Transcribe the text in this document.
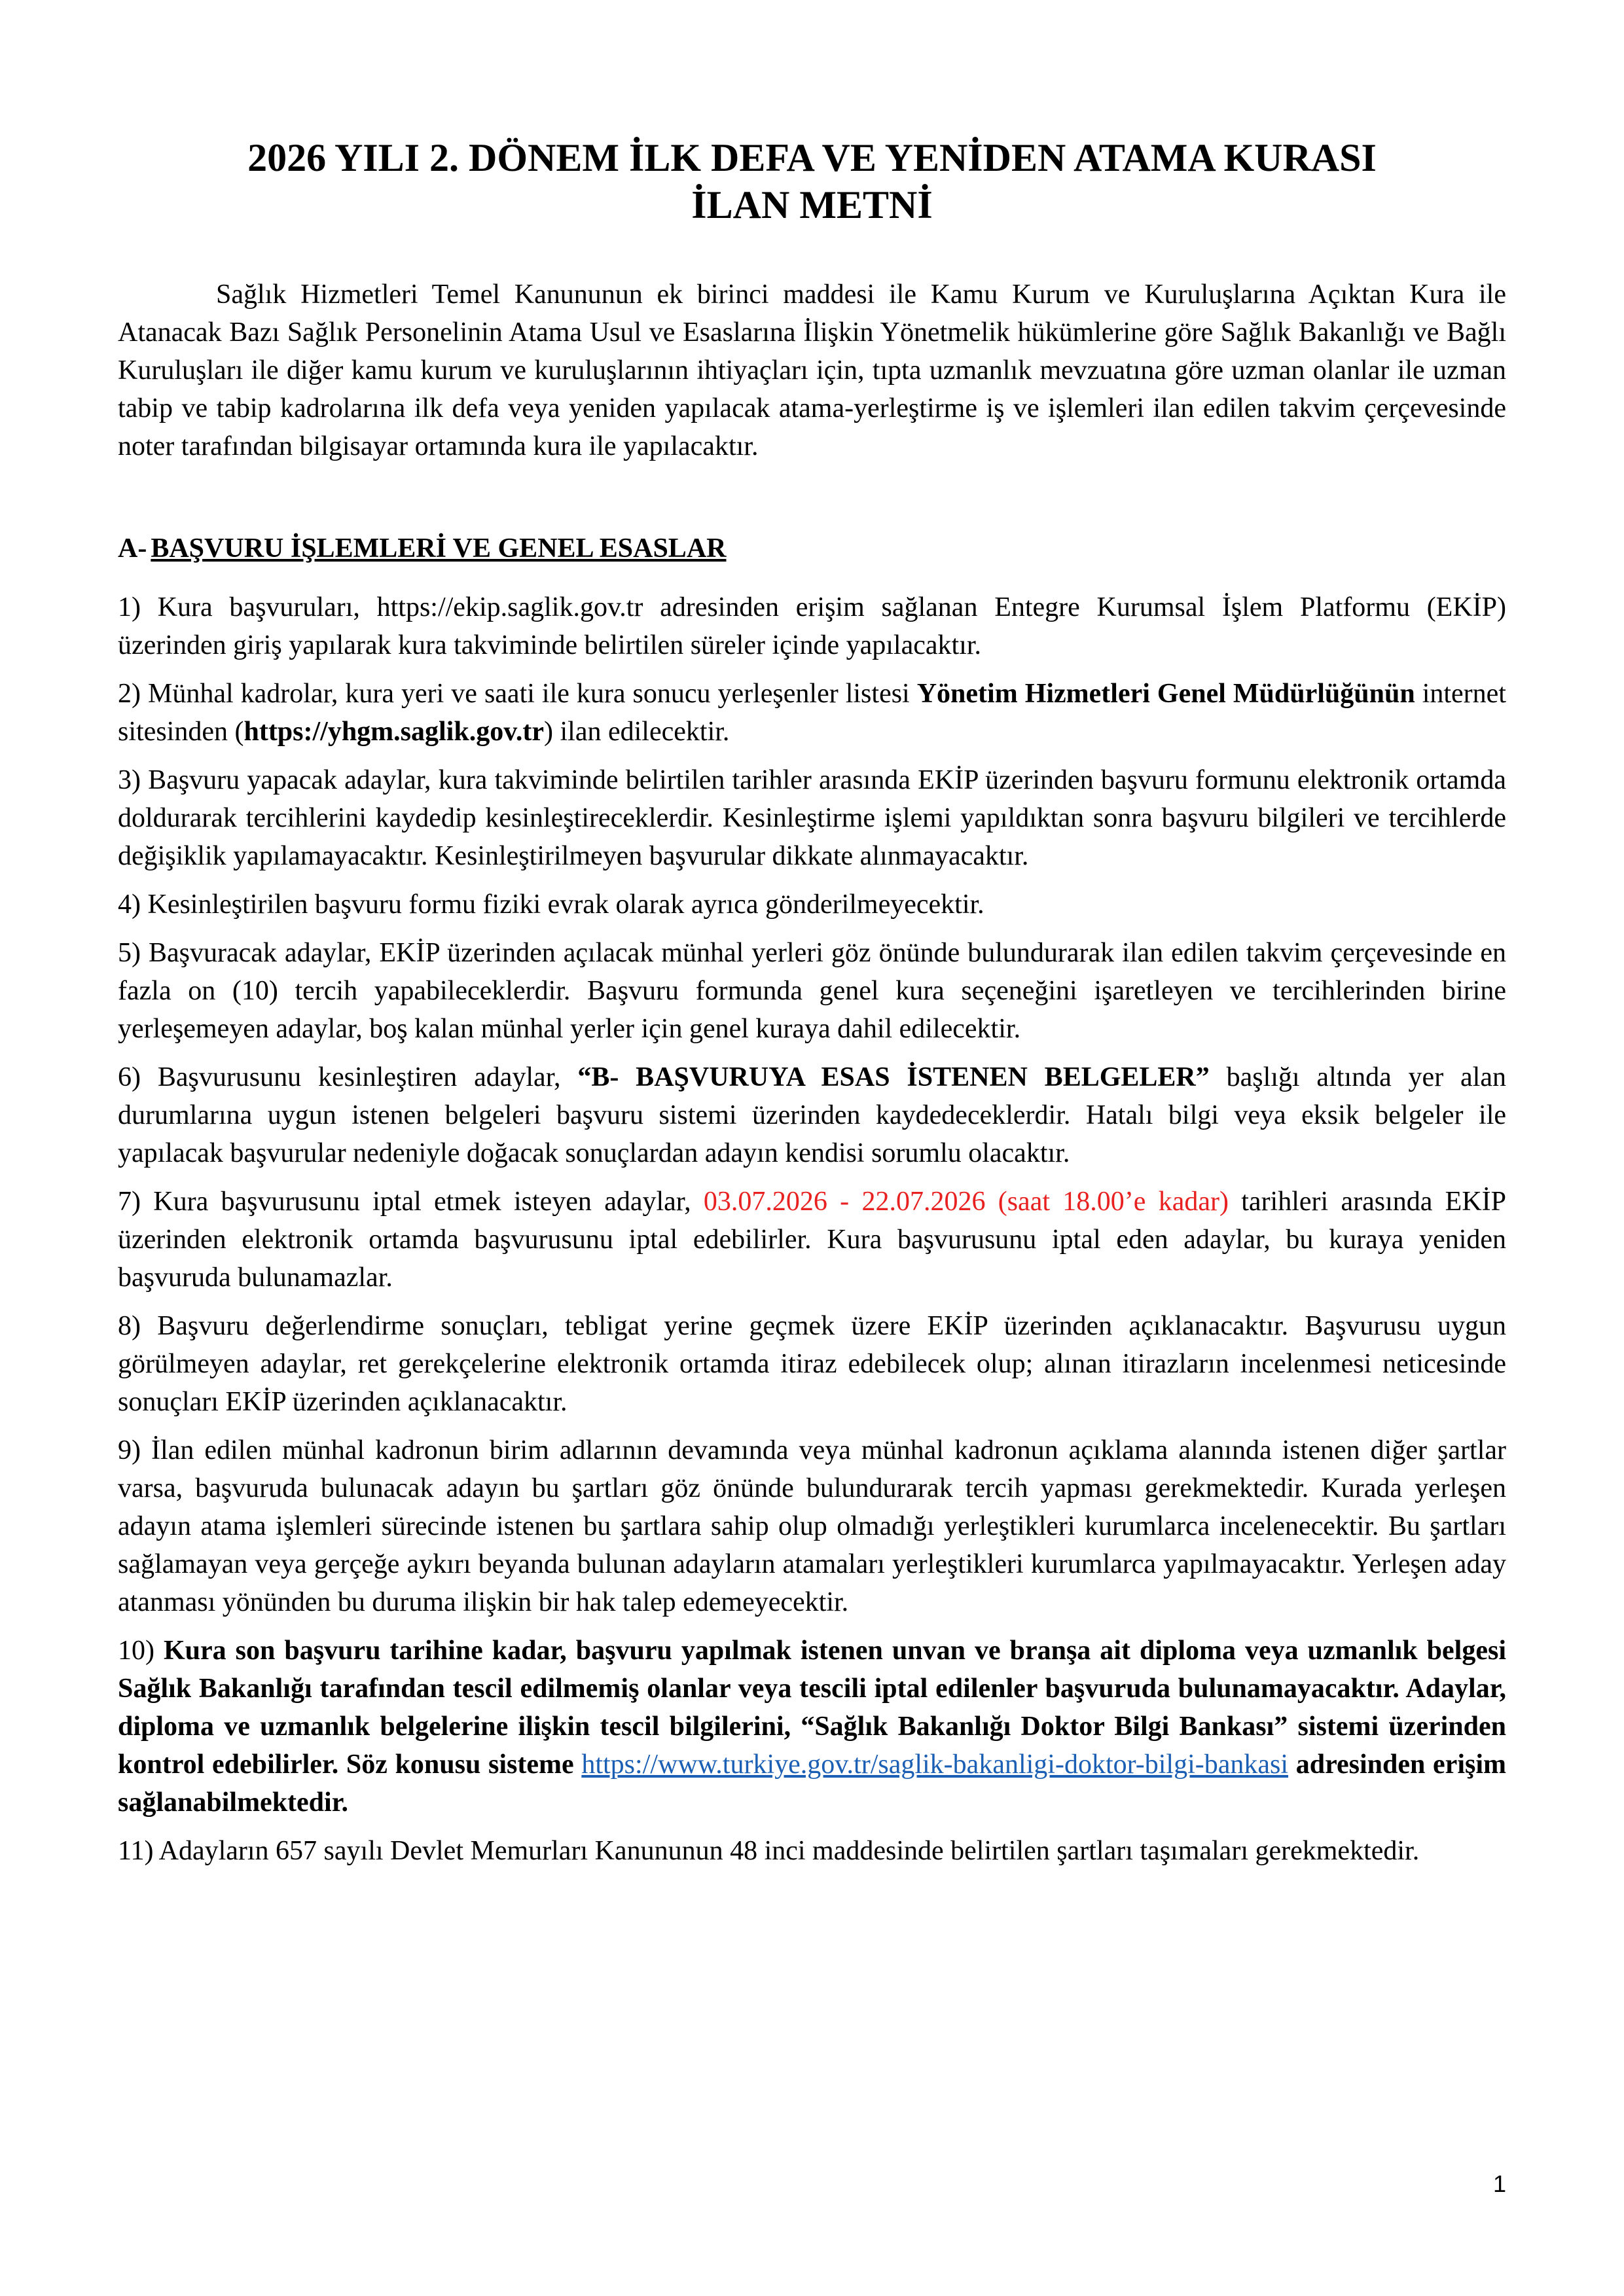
2026 YILI 2. DÖNEM İLK DEFA VE YENİDEN ATAMA KURASI
İLAN METNİ

Sağlık Hizmetleri Temel Kanununun ek birinci maddesi ile Kamu Kurum ve Kuruluşlarına Açıktan Kura ile Atanacak Bazı Sağlık Personelinin Atama Usul ve Esaslarına İlişkin Yönetmelik hükümlerine göre Sağlık Bakanlığı ve Bağlı Kuruluşları ile diğer kamu kurum ve kuruluşlarının ihtiyaçları için, tıpta uzmanlık mevzuatına göre uzman olanlar ile uzman tabip ve tabip kadrolarına ilk defa veya yeniden yapılacak atama-yerleştirme iş ve işlemleri ilan edilen takvim çerçevesinde noter tarafından bilgisayar ortamında kura ile yapılacaktır.

A- BAŞVURU İŞLEMLERİ VE GENEL ESASLAR

1) Kura başvuruları, https://ekip.saglik.gov.tr adresinden erişim sağlanan Entegre Kurumsal İşlem Platformu (EKİP) üzerinden giriş yapılarak kura takviminde belirtilen süreler içinde yapılacaktır.

2) Münhal kadrolar, kura yeri ve saati ile kura sonucu yerleşenler listesi Yönetim Hizmetleri Genel Müdürlüğünün internet sitesinden (https://yhgm.saglik.gov.tr) ilan edilecektir.

3) Başvuru yapacak adaylar, kura takviminde belirtilen tarihler arasında EKİP üzerinden başvuru formunu elektronik ortamda doldurarak tercihlerini kaydedip kesinleştireceklerdir. Kesinleştirme işlemi yapıldıktan sonra başvuru bilgileri ve tercihlerde değişiklik yapılamayacaktır. Kesinleştirilmeyen başvurular dikkate alınmayacaktır.

4) Kesinleştirilen başvuru formu fiziki evrak olarak ayrıca gönderilmeyecektir.

5) Başvuracak adaylar, EKİP üzerinden açılacak münhal yerleri göz önünde bulundurarak ilan edilen takvim çerçevesinde en fazla on (10) tercih yapabileceklerdir. Başvuru formunda genel kura seçeneğini işaretleyen ve tercihlerinden birine yerleşemeyen adaylar, boş kalan münhal yerler için genel kuraya dahil edilecektir.

6) Başvurusunu kesinleştiren adaylar, “B- BAŞVURUYA ESAS İSTENEN BELGELER” başlığı altında yer alan durumlarına uygun istenen belgeleri başvuru sistemi üzerinden kaydedeceklerdir. Hatalı bilgi veya eksik belgeler ile yapılacak başvurular nedeniyle doğacak sonuçlardan adayın kendisi sorumlu olacaktır.

7) Kura başvurusunu iptal etmek isteyen adaylar, 03.07.2026 - 22.07.2026 (saat 18.00’e kadar) tarihleri arasında EKİP üzerinden elektronik ortamda başvurusunu iptal edebilirler. Kura başvurusunu iptal eden adaylar, bu kuraya yeniden başvuruda bulunamazlar.

8) Başvuru değerlendirme sonuçları, tebligat yerine geçmek üzere EKİP üzerinden açıklanacaktır. Başvurusu uygun görülmeyen adaylar, ret gerekçelerine elektronik ortamda itiraz edebilecek olup; alınan itirazların incelenmesi neticesinde sonuçları EKİP üzerinden açıklanacaktır.

9) İlan edilen münhal kadronun birim adlarının devamında veya münhal kadronun açıklama alanında istenen diğer şartlar varsa, başvuruda bulunacak adayın bu şartları göz önünde bulundurarak tercih yapması gerekmektedir. Kurada yerleşen adayın atama işlemleri sürecinde istenen bu şartlara sahip olup olmadığı yerleştikleri kurumlarca incelenecektir. Bu şartları sağlamayan veya gerçeğe aykırı beyanda bulunan adayların atamaları yerleştikleri kurumlarca yapılmayacaktır. Yerleşen aday atanması yönünden bu duruma ilişkin bir hak talep edemeyecektir.

10) Kura son başvuru tarihine kadar, başvuru yapılmak istenen unvan ve branşa ait diploma veya uzmanlık belgesi Sağlık Bakanlığı tarafından tescil edilmemiş olanlar veya tescili iptal edilenler başvuruda bulunamayacaktır. Adaylar, diploma ve uzmanlık belgelerine ilişkin tescil bilgilerini, “Sağlık Bakanlığı Doktor Bilgi Bankası” sistemi üzerinden kontrol edebilirler. Söz konusu sisteme https://www.turkiye.gov.tr/saglik-bakanligi-doktor-bilgi-bankasi adresinden erişim sağlanabilmektedir.

11) Adayların 657 sayılı Devlet Memurları Kanununun 48 inci maddesinde belirtilen şartları taşımaları gerekmektedir.

1
